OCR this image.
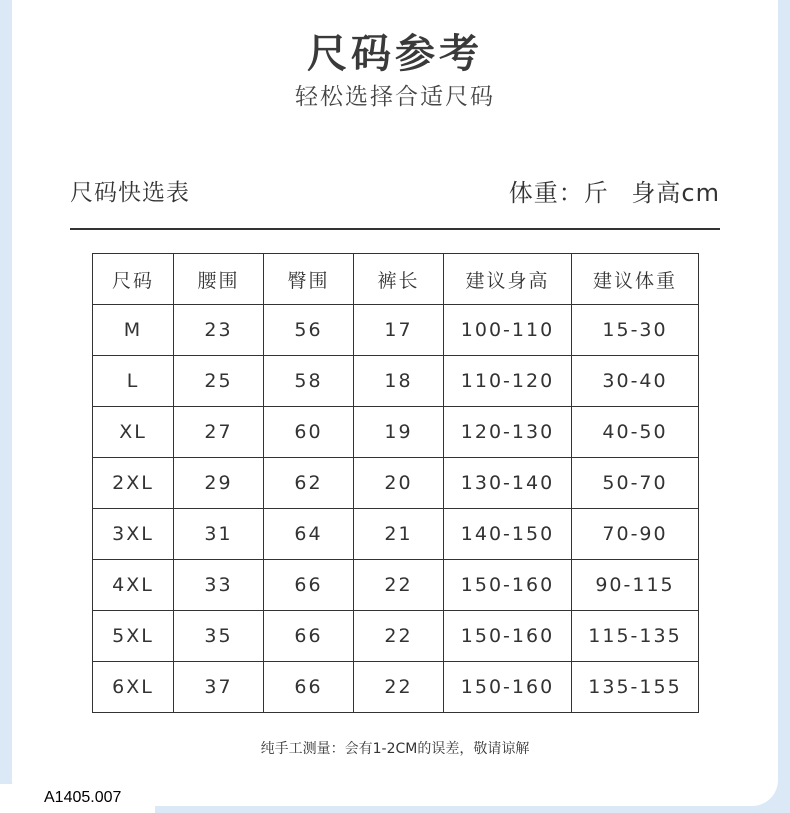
尺码参考
轻松选择合适尺码
尺码快选表	体重：斤 身高cm
尺码	腰围	臀围	裤长	建议身高	建议体重
M	23	56	17	100-110	15-30
L	25	58	18	110-120	30-40
XL	27	60	19	120-130	40-50
2XL	29	62	20	130-140	50-70
3XL	31	64	21	140-150	70-90
4XL	33	66	22	150-160	90-115
5XL	35	66	22	150-160	115-135
6XL	37	66	22	150-160	135-155
纯手工测量：会有1-2CM的误差，敬请谅解
A1405.007
